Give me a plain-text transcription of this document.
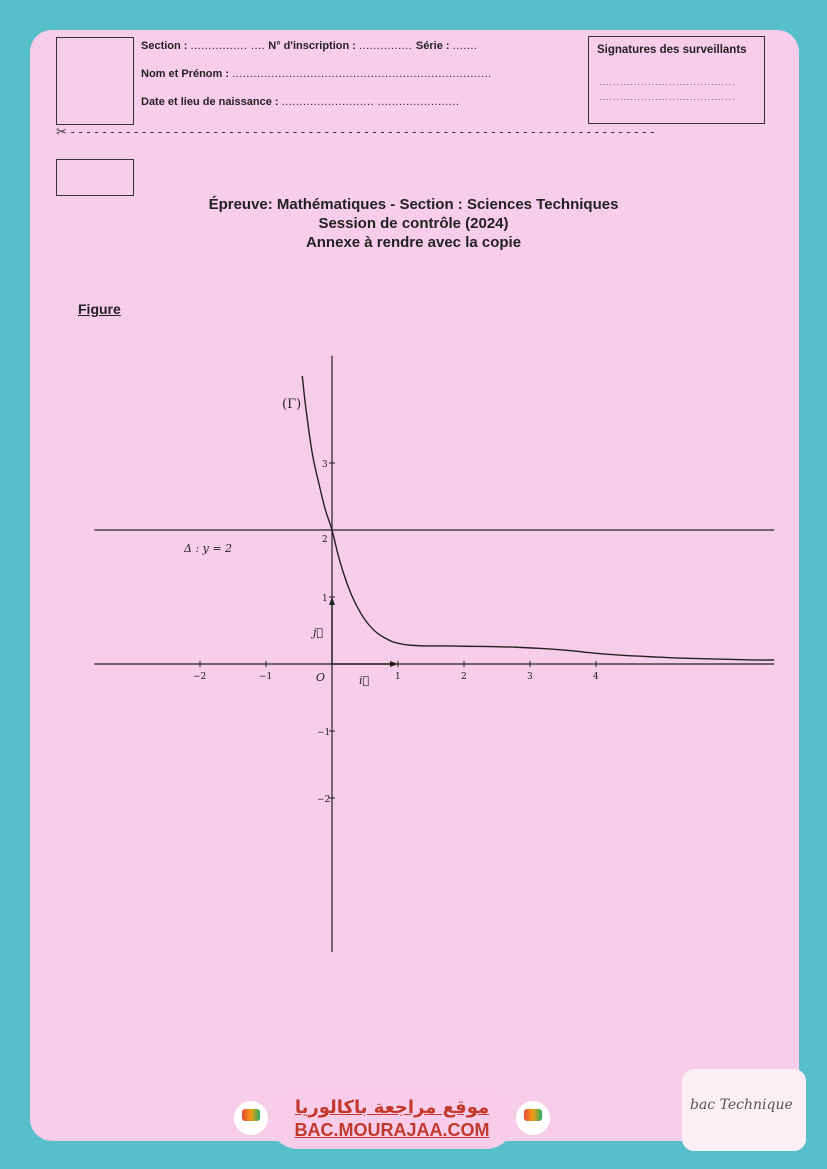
Section : ................ .... N° d'inscription : ............... Série : .......
Nom et Prénom : .........................................................................
Date et lieu de naissance : .......................... .......................
Signatures des surveillants
.......................................
.......................................
✂ - - - - - - - - - - - - - - - - - - - - - - - - - - - - - - - - - - - - - - - - - - - - - - - - - - - - - - - - - - - - - - - - - - - - - - - - - -
Épreuve: Mathématiques - Section : Sciences Techniques
Session de contrôle (2024)
Annexe à rendre avec la copie
Figure
−2	−1	1	2	3	4
3
2
1
−1
−2
(Γ)
Δ : y = 2
O	i⃗
j⃗
موقع مراجعة باكالوريا
BAC.MOURAJAA.COM
bac Technique
